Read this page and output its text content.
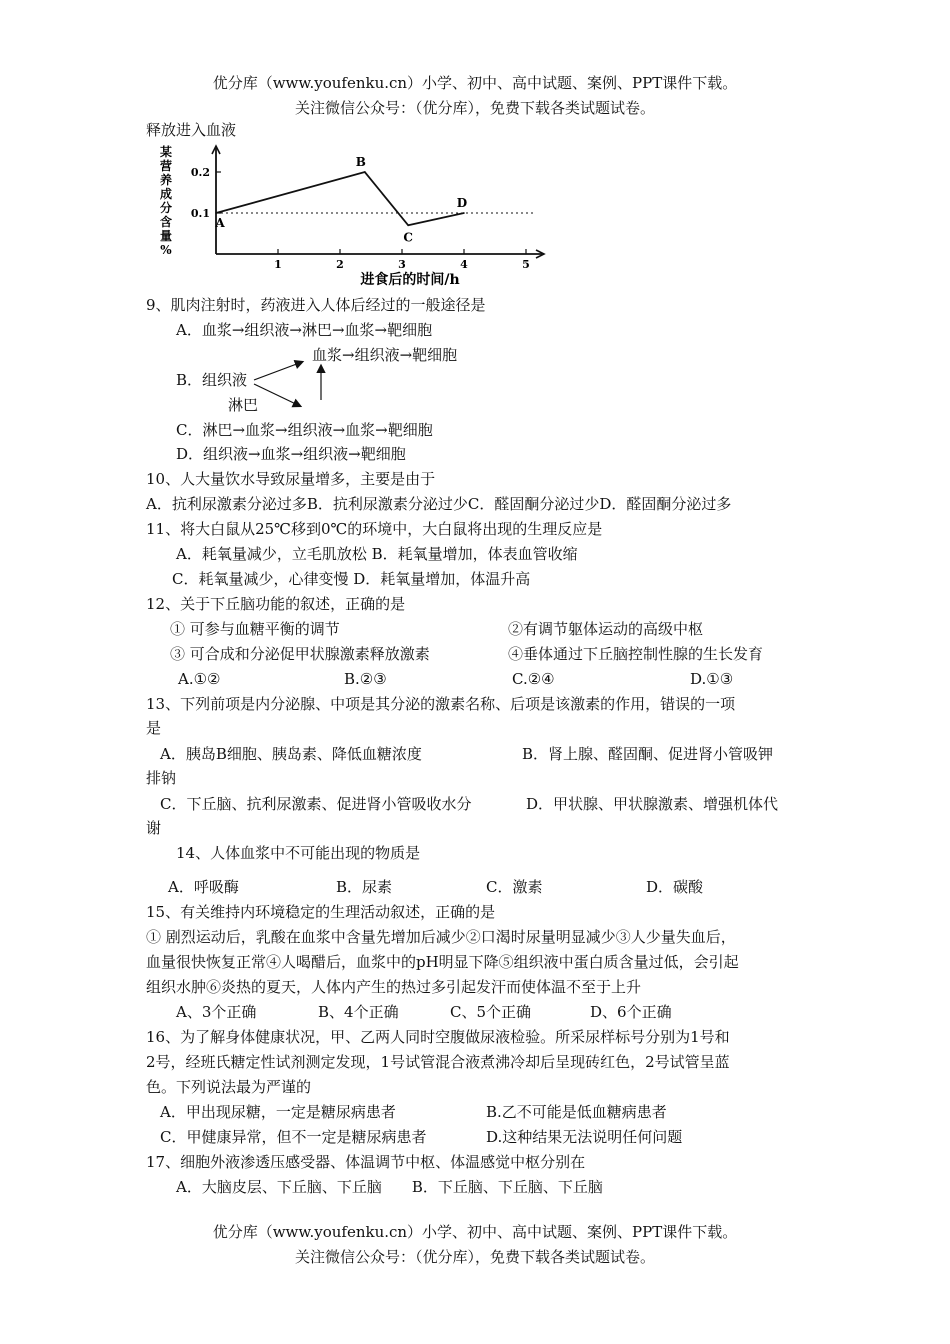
优分库（www.youfenku.cn）小学、初中、高中试题、案例、PPT课件下载。
关注微信公众号：（优分库），免费下载各类试题试卷。
释放进入血液
0.2
0.1
1	2	3	4	5
A
B
C
D
某
营
养
成
分
含
量
%
进食后的时间/h
9、肌肉注射时，药液进入人体后经过的一般途径是
A．血浆→组织液→淋巴→血浆→靶细胞
血浆→组织液→靶细胞
B．组织液
淋巴
C．淋巴→血浆→组织液→血浆→靶细胞
D．组织液→血浆→组织液→靶细胞
10、人大量饮水导致尿量增多，主要是由于
A．抗利尿激素分泌过多B．抗利尿激素分泌过少C．醛固酮分泌过少D．醛固酮分泌过多
11、将大白鼠从25℃移到0℃的环境中，大白鼠将出现的生理反应是
A．耗氧量减少，立毛肌放松 B．耗氧量增加，体表血管收缩
C．耗氧量减少，心律变慢 D．耗氧量增加，体温升高
12、关于下丘脑功能的叙述，正确的是
① 可参与血糖平衡的调节	②有调节躯体运动的高级中枢
③ 可合成和分泌促甲状腺激素释放激素	④垂体通过下丘脑控制性腺的生长发育
A.①②	B.②③	C.②④	D.①③
13、下列前项是内分泌腺、中项是其分泌的激素名称、后项是该激素的作用，错误的一项
是
A．胰岛B细胞、胰岛素、降低血糖浓度	B．肾上腺、醛固酮、促进肾小管吸钾
排钠
C．下丘脑、抗利尿激素、促进肾小管吸收水分	D．甲状腺、甲状腺激素、增强机体代
谢
14、人体血浆中不可能出现的物质是
A．呼吸酶	B．尿素	C．激素	D．碳酸
15、有关维持内环境稳定的生理活动叙述，正确的是
① 剧烈运动后，乳酸在血浆中含量先增加后减少②口渴时尿量明显减少③人少量失血后，
血量很快恢复正常④人喝醋后，血浆中的pH明显下降⑤组织液中蛋白质含量过低，会引起
组织水肿⑥炎热的夏天，人体内产生的热过多引起发汗而使体温不至于上升
A、3个正确	B、4个正确	C、5个正确	D、6个正确
16、为了解身体健康状况，甲、乙两人同时空腹做尿液检验。所采尿样标号分别为1号和
2号，经班氏糖定性试剂测定发现，1号试管混合液煮沸冷却后呈现砖红色，2号试管呈蓝
色。下列说法最为严谨的
A．甲出现尿糖，一定是糖尿病患者	B.乙不可能是低血糖病患者
C．甲健康异常，但不一定是糖尿病患者	D.这种结果无法说明任何问题
17、细胞外液渗透压感受器、体温调节中枢、体温感觉中枢分别在
A．大脑皮层、下丘脑、下丘脑　　B．下丘脑、下丘脑、下丘脑
优分库（www.youfenku.cn）小学、初中、高中试题、案例、PPT课件下载。
关注微信公众号：（优分库），免费下载各类试题试卷。
